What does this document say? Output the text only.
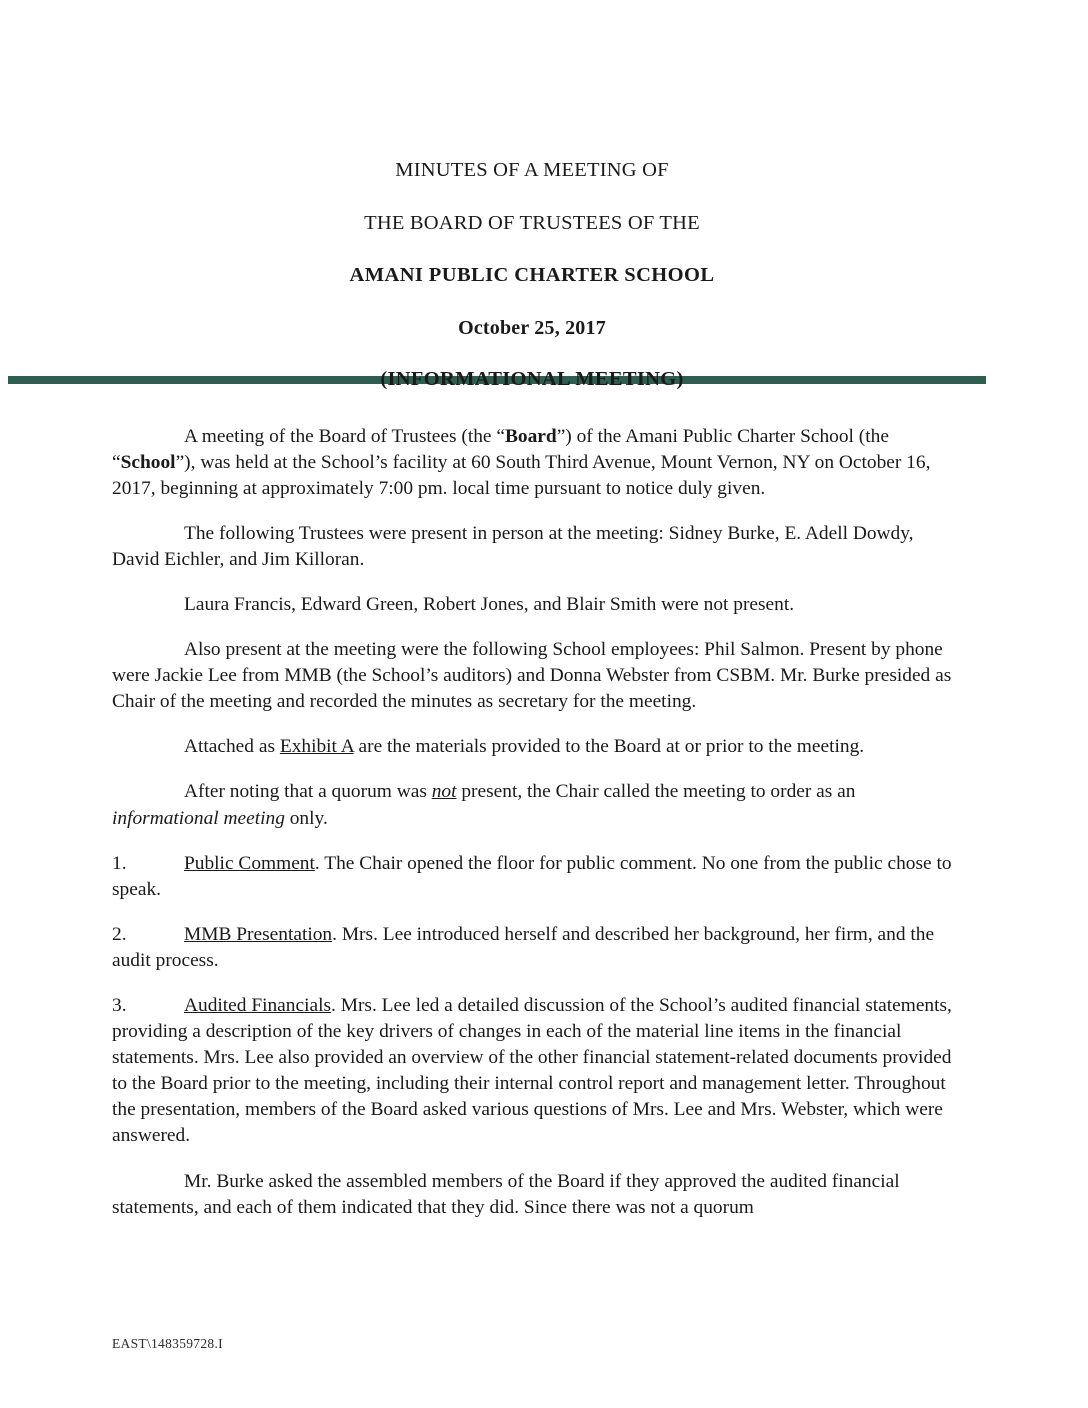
MINUTES OF A MEETING OF
THE BOARD OF TRUSTEES OF THE
AMANI PUBLIC CHARTER SCHOOL
October 25, 2017
(INFORMATIONAL MEETING)

A meeting of the Board of Trustees (the “Board”) of the Amani Public Charter School (the “School”), was held at the School’s facility at 60 South Third Avenue, Mount Vernon, NY on October 16, 2017, beginning at approximately 7:00 pm. local time pursuant to notice duly given.

The following Trustees were present in person at the meeting: Sidney Burke, E. Adell Dowdy, David Eichler, and Jim Killoran.

Laura Francis, Edward Green, Robert Jones, and Blair Smith were not present.

Also present at the meeting were the following School employees: Phil Salmon. Present by phone were Jackie Lee from MMB (the School’s auditors) and Donna Webster from CSBM. Mr. Burke presided as Chair of the meeting and recorded the minutes as secretary for the meeting.

Attached as Exhibit A are the materials provided to the Board at or prior to the meeting.

After noting that a quorum was not present, the Chair called the meeting to order as an informational meeting only.

1.	Public Comment. The Chair opened the floor for public comment. No one from the public chose to speak.

2.	MMB Presentation. Mrs. Lee introduced herself and described her background, her firm, and the audit process.

3.	Audited Financials. Mrs. Lee led a detailed discussion of the School’s audited financial statements, providing a description of the key drivers of changes in each of the material line items in the financial statements. Mrs. Lee also provided an overview of the other financial statement-related documents provided to the Board prior to the meeting, including their internal control report and management letter. Throughout the presentation, members of the Board asked various questions of Mrs. Lee and Mrs. Webster, which were answered.

Mr. Burke asked the assembled members of the Board if they approved the audited financial statements, and each of them indicated that they did. Since there was not a quorum

EAST\148359728.I
